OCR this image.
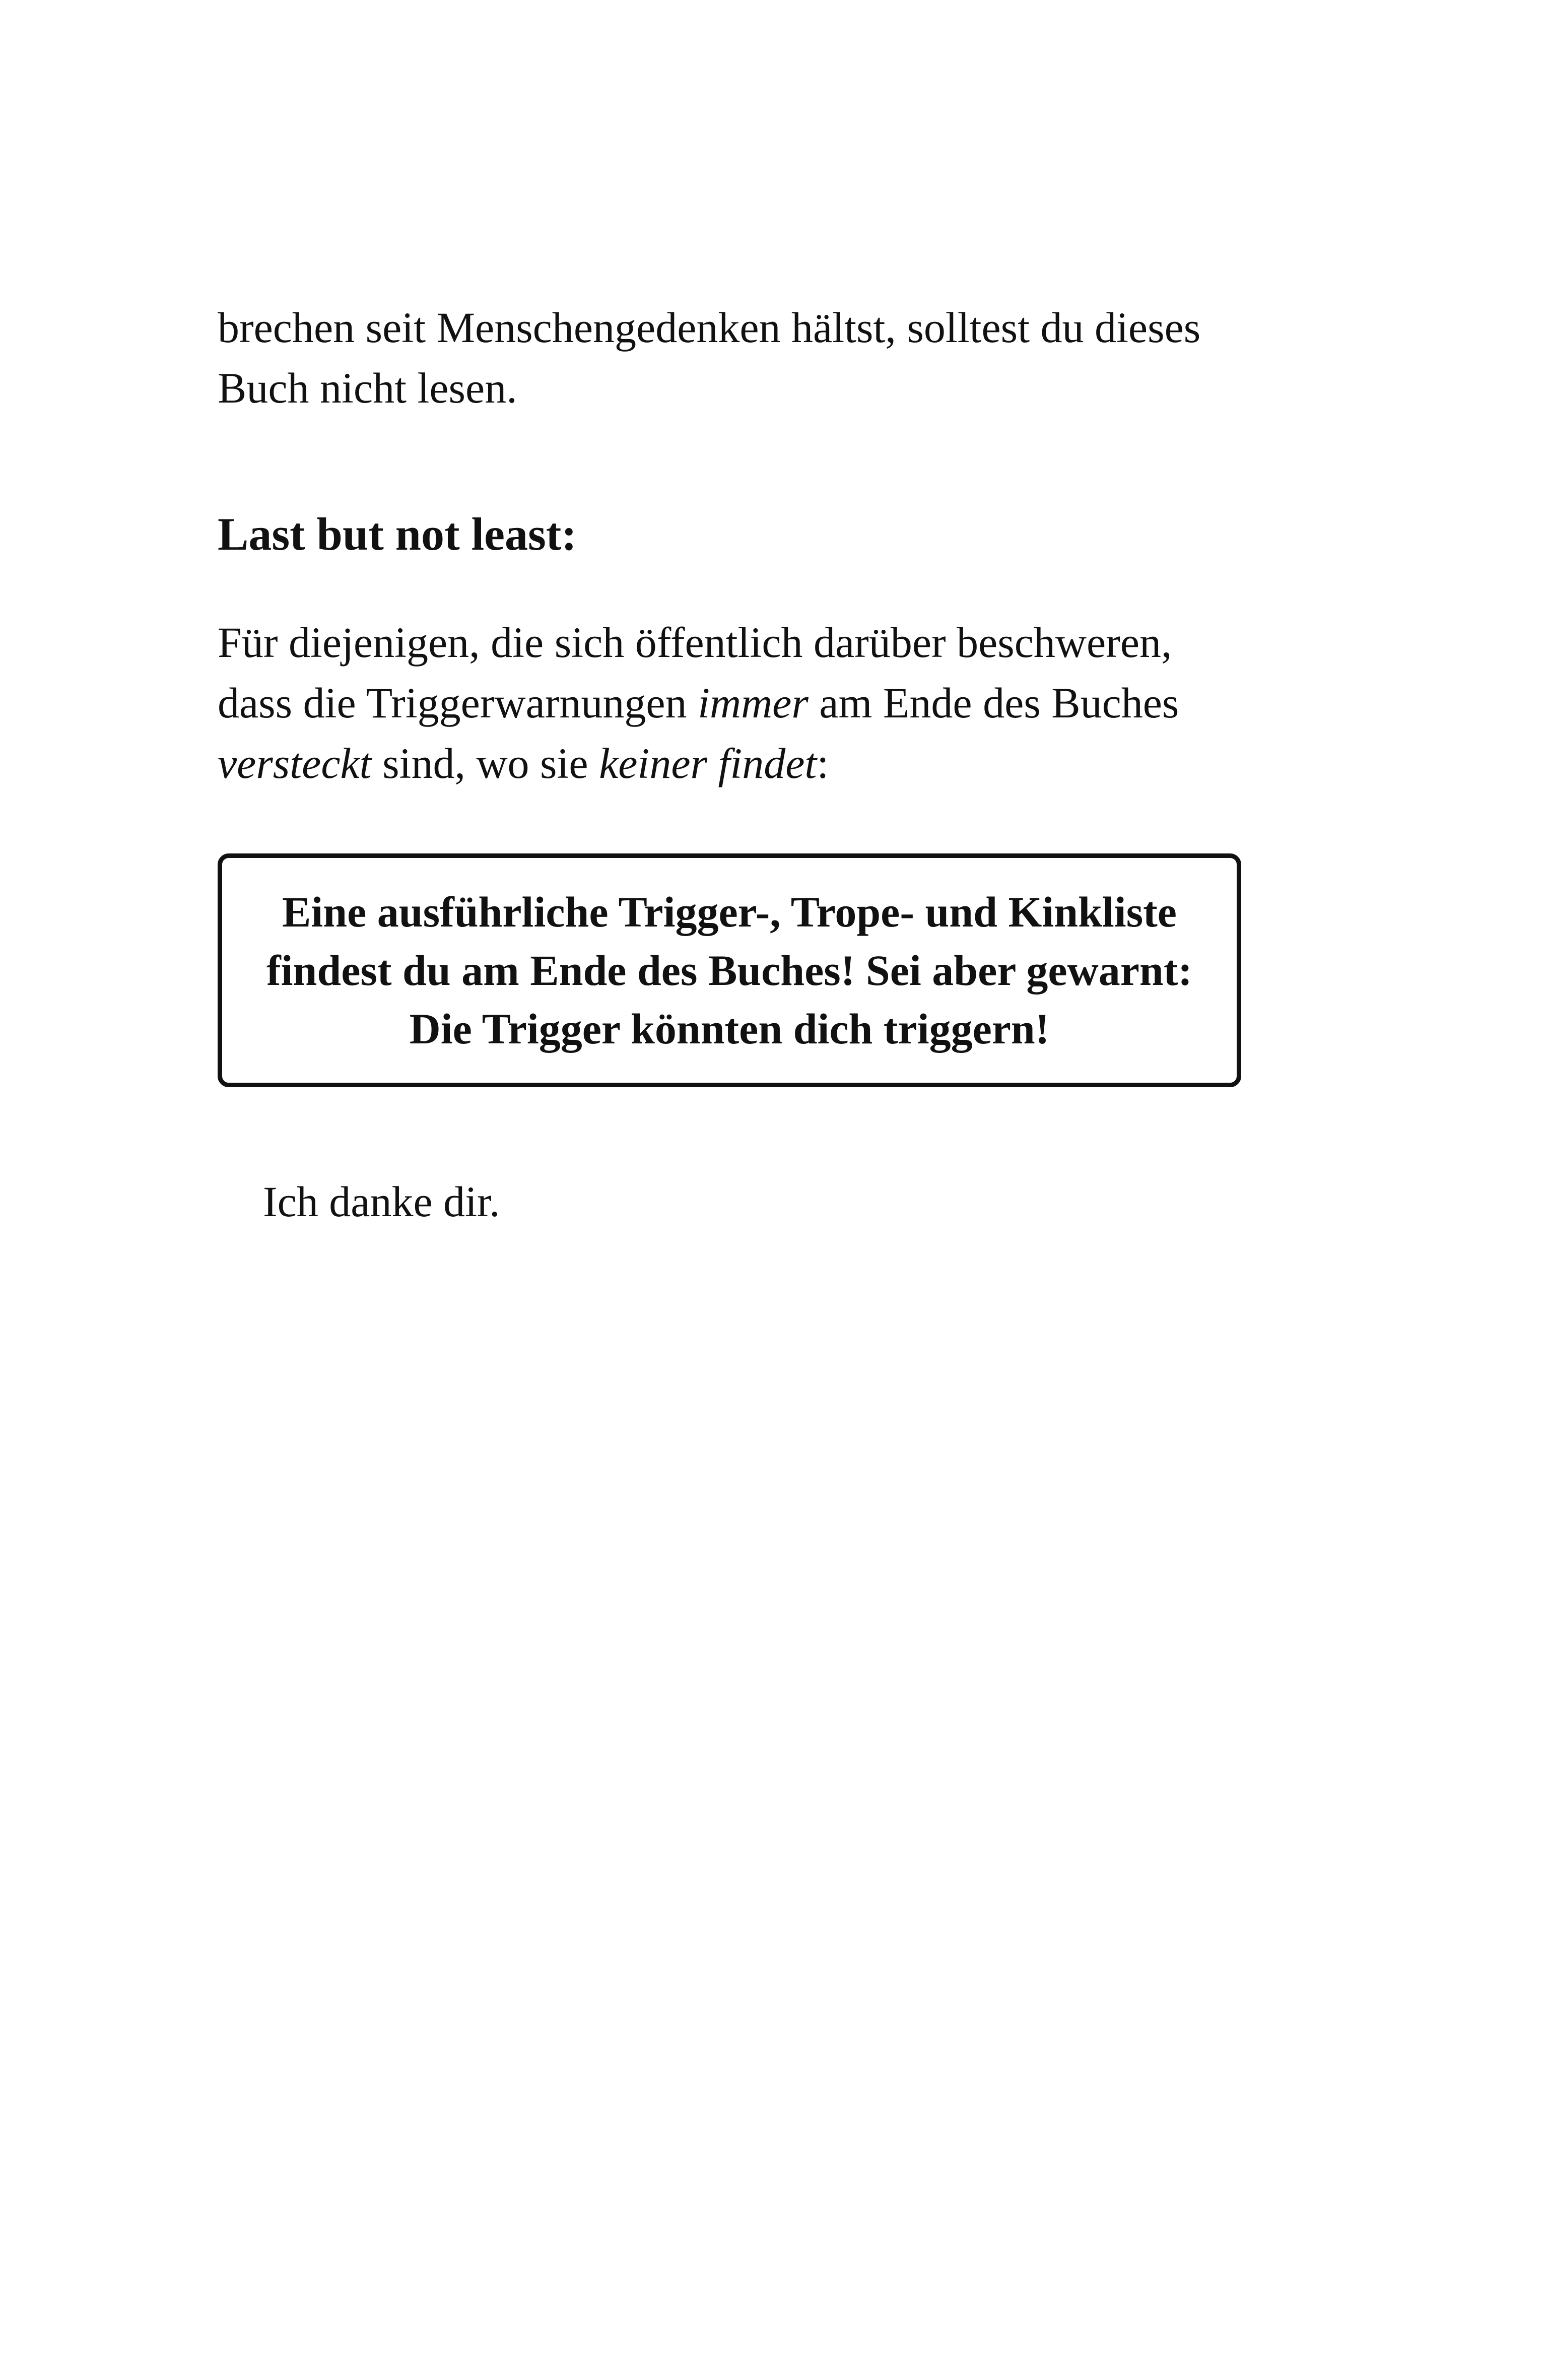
brechen seit Menschengedenken hältst, solltest du dieses
Buch nicht lesen.
Last but not least:
Für diejenigen, die sich öffentlich darüber beschweren,
dass die Triggerwarnungen immer am Ende des Buches
versteckt sind, wo sie keiner findet:
Eine ausführliche Trigger-, Trope- und Kinkliste
findest du am Ende des Buches! Sei aber gewarnt:
Die Trigger könnten dich triggern!
Ich danke dir.
